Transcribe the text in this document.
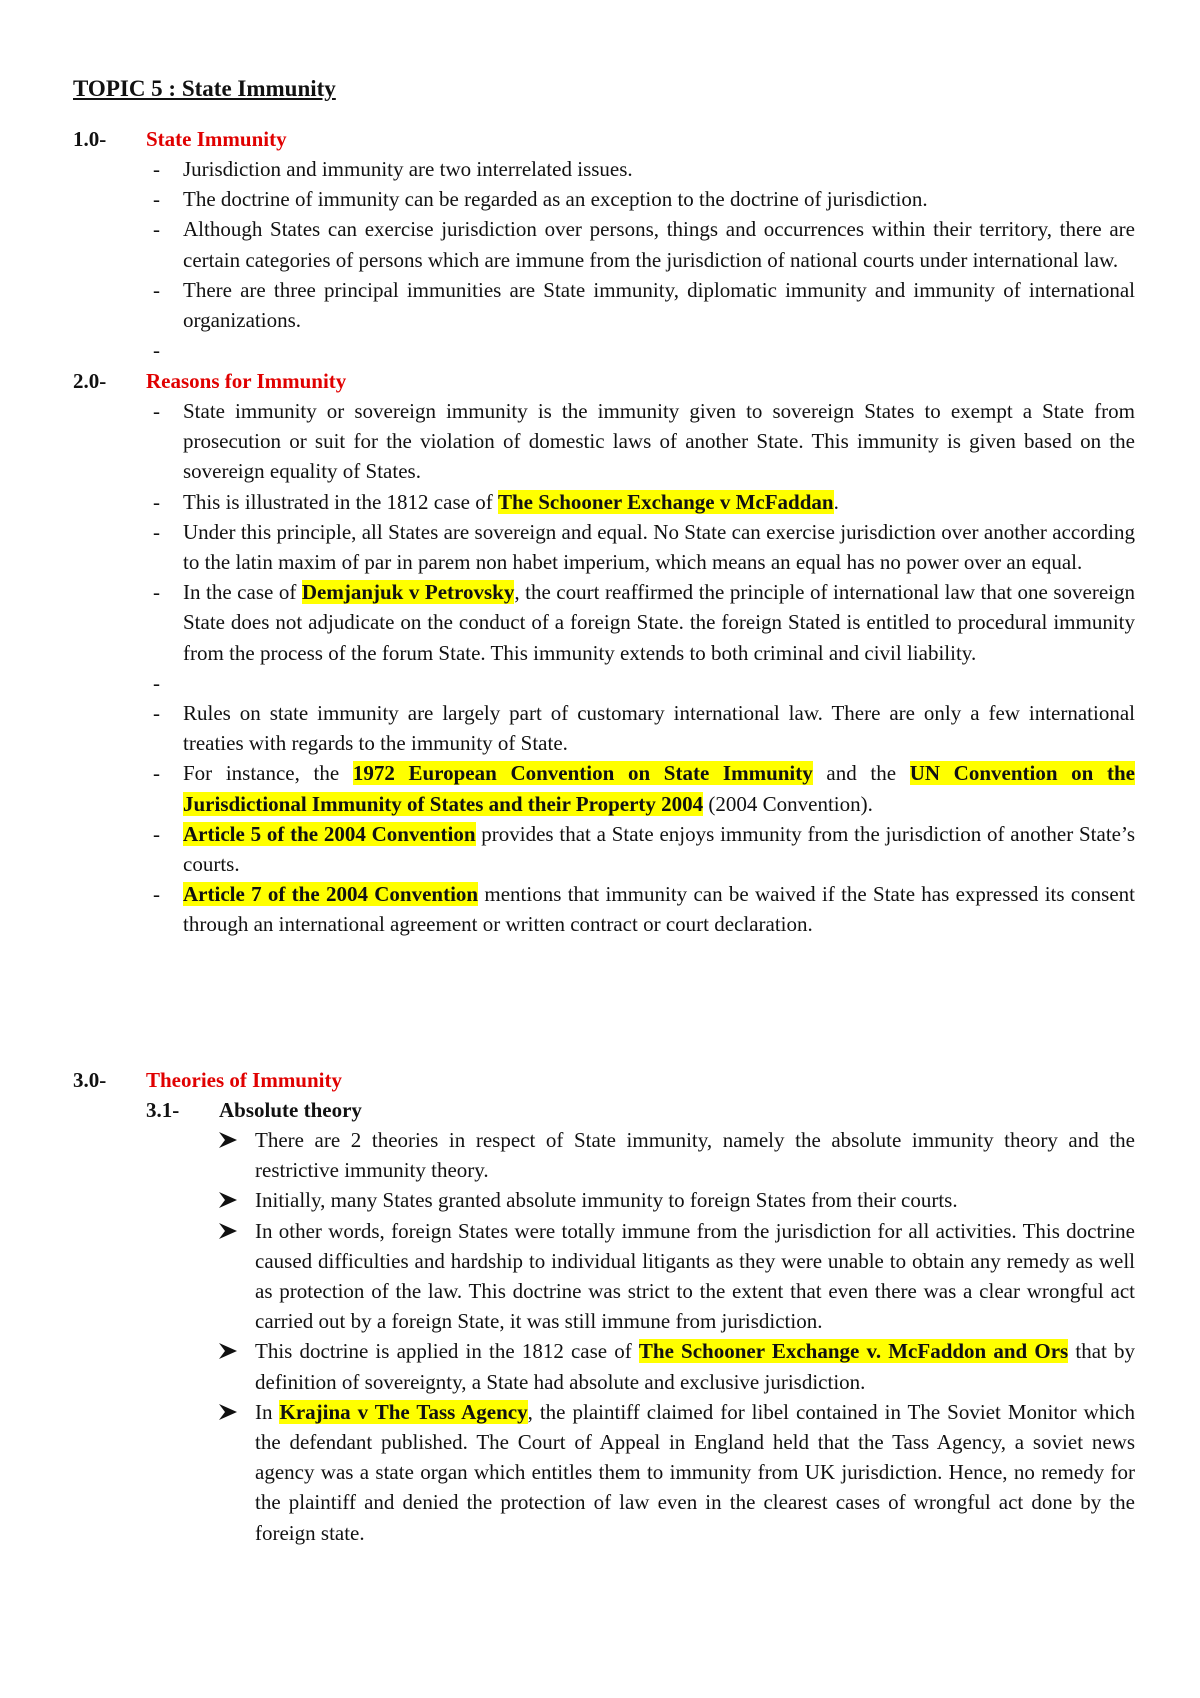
TOPIC 5 : State Immunity
1.0- State Immunity
-	Jurisdiction and immunity are two interrelated issues.
-	The doctrine of immunity can be regarded as an exception to the doctrine of jurisdiction.
-	Although States can exercise jurisdiction over persons, things and occurrences within their territory, there are certain categories of persons which are immune from the jurisdiction of national courts under international law.
-	There are three principal immunities are State immunity, diplomatic immunity and immunity of international organizations.
-
2.0- Reasons for Immunity
-	State immunity or sovereign immunity is the immunity given to sovereign States to exempt a State from prosecution or suit for the violation of domestic laws of another State. This immunity is given based on the sovereign equality of States.
-	This is illustrated in the 1812 case of The Schooner Exchange v McFaddan.
-	Under this principle, all States are sovereign and equal. No State can exercise jurisdiction over another according to the latin maxim of par in parem non habet imperium, which means an equal has no power over an equal.
-	In the case of Demjanjuk v Petrovsky, the court reaffirmed the principle of international law that one sovereign State does not adjudicate on the conduct of a foreign State. the foreign Stated is entitled to procedural immunity from the process of the forum State. This immunity extends to both criminal and civil liability.
-
-	Rules on state immunity are largely part of customary international law. There are only a few international treaties with regards to the immunity of State.
-	For instance, the 1972 European Convention on State Immunity and the UN Convention on the Jurisdictional Immunity of States and their Property 2004 (2004 Convention).
-	Article 5 of the 2004 Convention provides that a State enjoys immunity from the jurisdiction of another State’s courts.
-	Article 7 of the 2004 Convention mentions that immunity can be waived if the State has expressed its consent through an international agreement or written contract or court declaration.
3.0- Theories of Immunity
3.1- Absolute theory
There are 2 theories in respect of State immunity, namely the absolute immunity theory and the restrictive immunity theory.
Initially, many States granted absolute immunity to foreign States from their courts.
In other words, foreign States were totally immune from the jurisdiction for all activities. This doctrine caused difficulties and hardship to individual litigants as they were unable to obtain any remedy as well as protection of the law. This doctrine was strict to the extent that even there was a clear wrongful act carried out by a foreign State, it was still immune from jurisdiction.
This doctrine is applied in the 1812 case of The Schooner Exchange v. McFaddon and Ors that by definition of sovereignty, a State had absolute and exclusive jurisdiction.
In Krajina v The Tass Agency, the plaintiff claimed for libel contained in The Soviet Monitor which the defendant published. The Court of Appeal in England held that the Tass Agency, a soviet news agency was a state organ which entitles them to immunity from UK jurisdiction. Hence, no remedy for the plaintiff and denied the protection of law even in the clearest cases of wrongful act done by the foreign state.
